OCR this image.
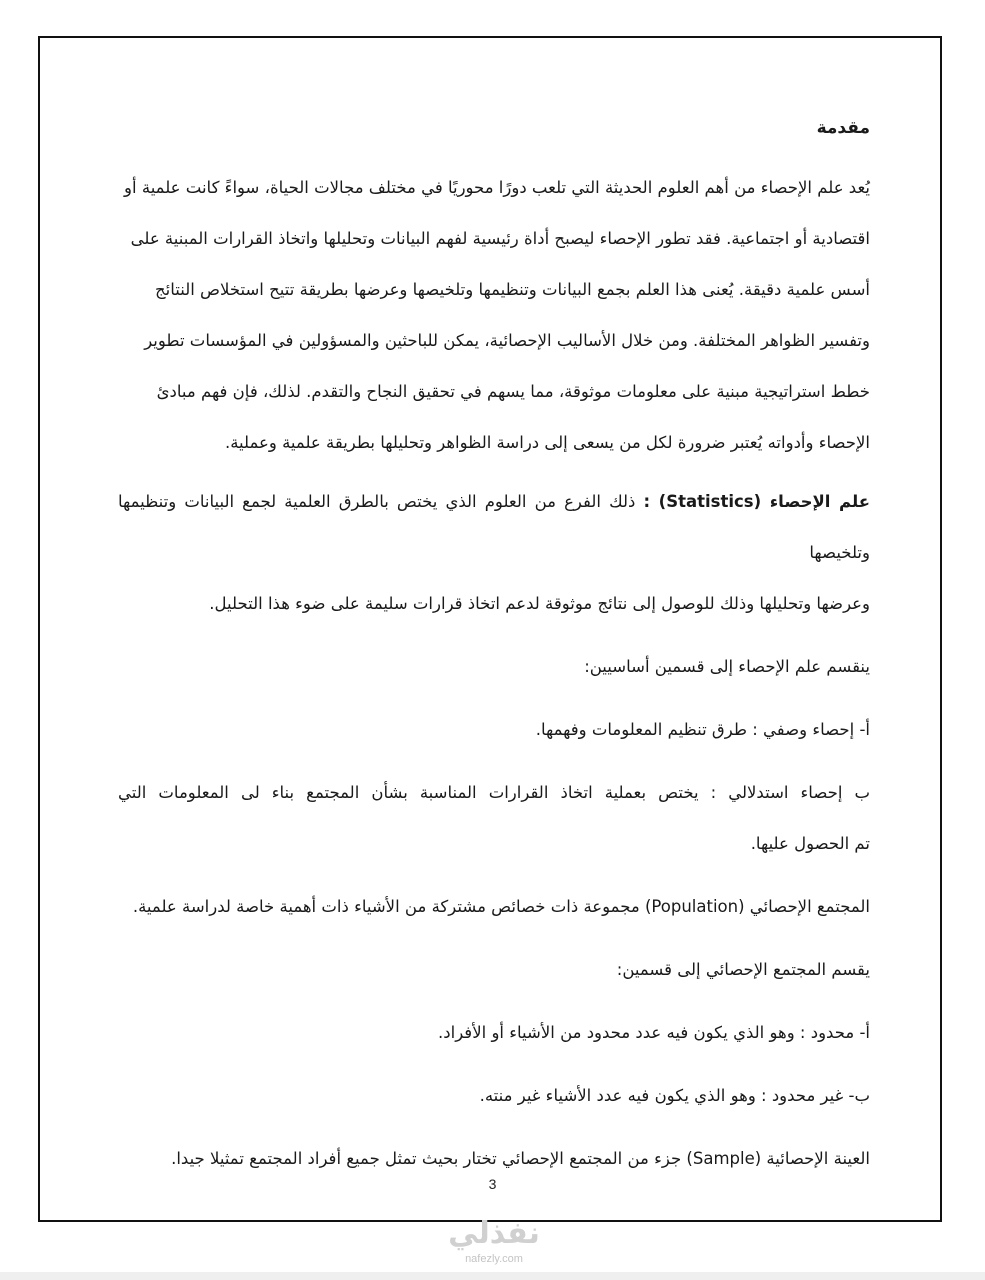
مقدمة
يُعد علم الإحصاء من أهم العلوم الحديثة التي تلعب دورًا محوريًا في مختلف مجالات الحياة، سواءً كانت علمية أو
اقتصادية أو اجتماعية. فقد تطور الإحصاء ليصبح أداة رئيسية لفهم البيانات وتحليلها واتخاذ القرارات المبنية على
أسس علمية دقيقة. يُعنى هذا العلم بجمع البيانات وتنظيمها وتلخيصها وعرضها بطريقة تتيح استخلاص النتائج
وتفسير الظواهر المختلفة. ومن خلال الأساليب الإحصائية، يمكن للباحثين والمسؤولين في المؤسسات تطوير
خطط استراتيجية مبنية على معلومات موثوقة، مما يسهم في تحقيق النجاح والتقدم. لذلك، فإن فهم مبادئ
الإحصاء وأدواته يُعتبر ضرورة لكل من يسعى إلى دراسة الظواهر وتحليلها بطريقة علمية وعملية.
علم الإحصاء (Statistics) : ذلك الفرع من العلوم الذي يختص بالطرق العلمية لجمع البيانات وتنظيمها وتلخيصها
وعرضها وتحليلها وذلك للوصول إلى نتائج موثوقة لدعم اتخاذ قرارات سليمة على ضوء هذا التحليل.
ينقسم علم الإحصاء إلى قسمين أساسيين:
أ- إحصاء وصفي : طرق تنظيم المعلومات وفهمها.
ب إحصاء استدلالي : يختص بعملية اتخاذ القرارات المناسبة بشأن المجتمع بناء لى المعلومات التي
تم الحصول عليها.
المجتمع الإحصائي (Population) مجموعة ذات خصائص مشتركة من الأشياء ذات أهمية خاصة لدراسة علمية.
يقسم المجتمع الإحصائي إلى قسمين:
أ- محدود : وهو الذي يكون فيه عدد محدود من الأشياء أو الأفراد.
ب- غير محدود : وهو الذي يكون فيه عدد الأشياء غير منته.
العينة الإحصائية (Sample) جزء من المجتمع الإحصائي تختار بحيث تمثل جميع أفراد المجتمع تمثيلا جيدا.
3
نفذلي
nafezly.com
